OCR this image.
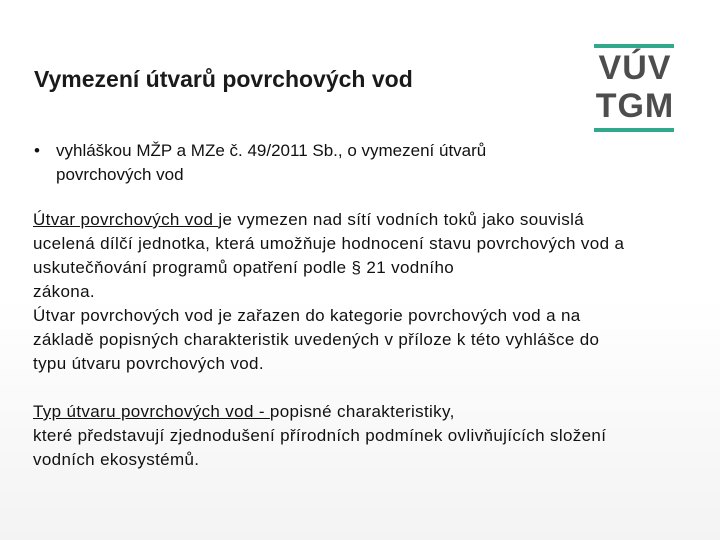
Vymezení útvarů povrchových vod	VÚV
TGM
• vyhláškou MŽP a MZe č. 49/2011 Sb., o vymezení útvarů
povrchových vod
Útvar povrchových vod je vymezen nad sítí vodních toků jako souvislá
ucelená dílčí jednotka, která umožňuje hodnocení stavu povrchových vod a
uskutečňování programů opatření podle § 21 vodního
zákona.
Útvar povrchových vod je zařazen do kategorie povrchových vod a na
základě popisných charakteristik uvedených v příloze k této vyhlášce do
typu útvaru povrchových vod.
Typ útvaru povrchových vod - popisné charakteristiky,
které představují zjednodušení přírodních podmínek ovlivňujících složení
vodních ekosystémů.
